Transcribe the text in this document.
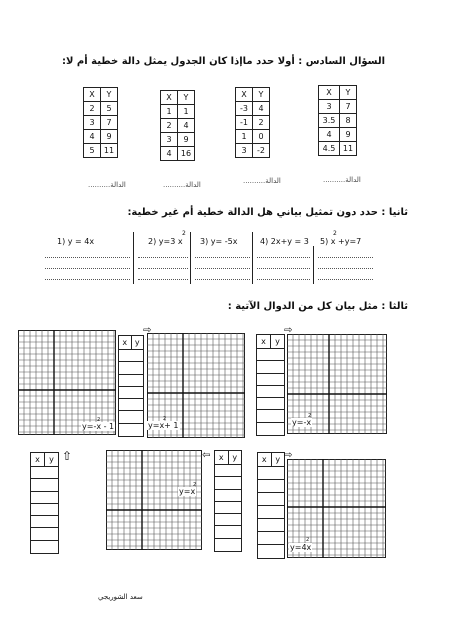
السؤال السادس : أولا حدد ماإذا كان الجدول يمثل دالة خطية أم لا:
X	Y
2	5
3	7
4	9
5	11
X	Y
1	1
2	4
3	9
4	16
X	Y
-3	4
-1	2
1	0
3	-2
X	Y
3	7
3.5	8
4	9
4.5	11
الدالة..........	الدالة..........	الدالة..........	الدالة..........
ثانيا : حدد دون تمثيل بياني هل الدالة خطية أم غير خطية:
1) y = 4x	2) y=3 x
2
3) y= -5x	4) 2x+y = 3 5) x +y=7
2
ثالثا : مثل بيان كل من الدوال الآتية :
y=-x - 1
2
y=x+ 1
2	y=-x
2
y=x
2
y=4x
2
x y	x	y
x	y	x	y	x	y
⇨	⇨
⇧	⇦	⇨
سعد الشوريجي
